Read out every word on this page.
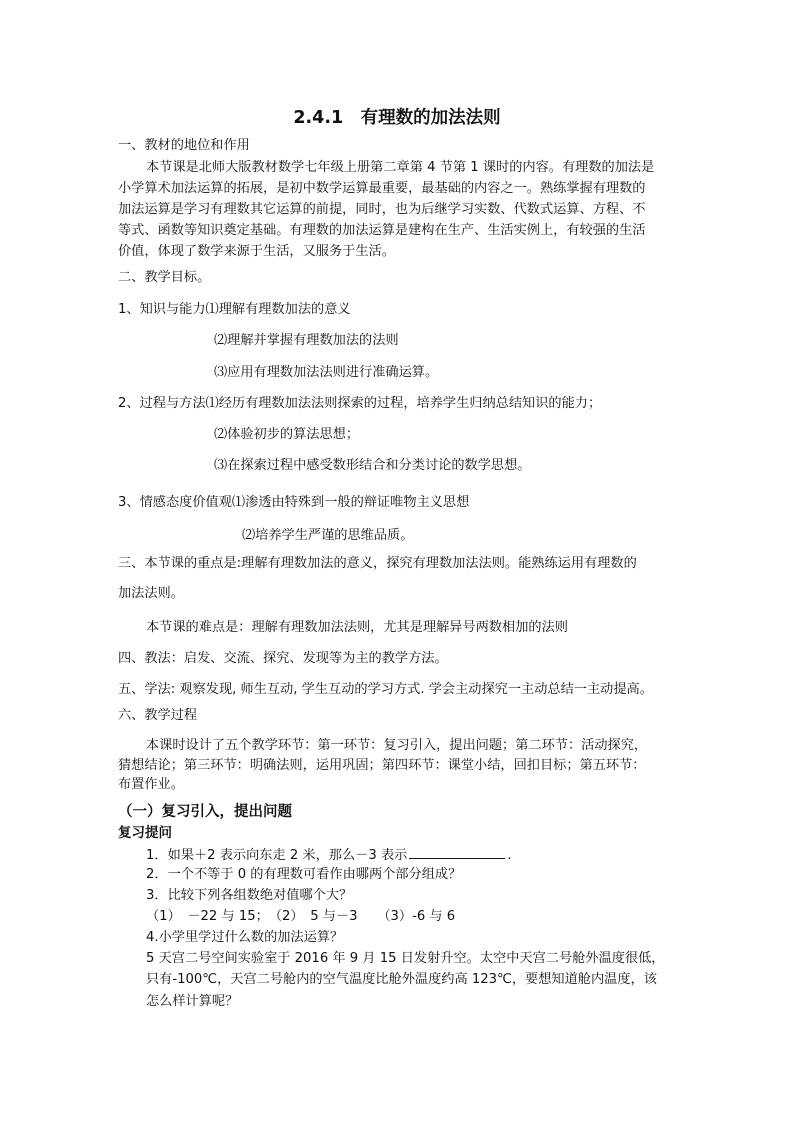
2.4.1　有理数的加法法则
一、教材的地位和作用
本节课是北师大版教材数学七年级上册第二章第 4 节第 1 课时的内容。有理数的加法是
小学算术加法运算的拓展，是初中数学运算最重要，最基础的内容之一。熟练掌握有理数的
加法运算是学习有理数其它运算的前提，同时，也为后继学习实数、代数式运算、方程、不
等式、函数等知识奠定基础。有理数的加法运算是建构在生产、生活实例上，有较强的生活
价值，体现了数学来源于生活，又服务于生活。
二、教学目标。
1、知识与能力⑴理解有理数加法的意义
⑵理解并掌握有理数加法的法则
⑶应用有理数加法法则进行准确运算。
2、过程与方法⑴经历有理数加法法则探索的过程，培养学生归纳总结知识的能力；
⑵体验初步的算法思想；
⑶在探索过程中感受数形结合和分类讨论的数学思想。
3、情感态度价值观⑴渗透由特殊到一般的辩证唯物主义思想
⑵培养学生严谨的思维品质。
三、本节课的重点是:理解有理数加法的意义，探究有理数加法法则。能熟练运用有理数的
加法法则。
本节课的难点是：理解有理数加法法则，尤其是理解异号两数相加的法则
四、教法：启发、交流、探究、发现等为主的教学方法。
五、学法: 观察发现, 师生互动, 学生互动的学习方式. 学会主动探究一主动总结一主动提高。
六、教学过程
本课时设计了五个教学环节：第一环节：复习引入，提出问题；第二环节：活动探究，
猜想结论；第三环节：明确法则，运用巩固；第四环节：课堂小结，回扣目标；第五环节：
布置作业。
（一）复习引入，提出问题
复习提问
1．如果＋2 表示向东走 2 米，那么－3 表示	.
2．一个不等于 0 的有理数可看作由哪两个部分组成？
3．比较下列各组数绝对值哪个大？
（1）　－22 与 15；　（2）　5 与－3　　（3）-6 与 6
4.小学里学过什么数的加法运算？
5 天宫二号空间实验室于 2016 年 9 月 15 日发射升空。太空中天宫二号舱外温度很低，
只有-100℃，天宫二号舱内的空气温度比舱外温度约高 123℃，要想知道舱内温度，该
怎么样计算呢？
